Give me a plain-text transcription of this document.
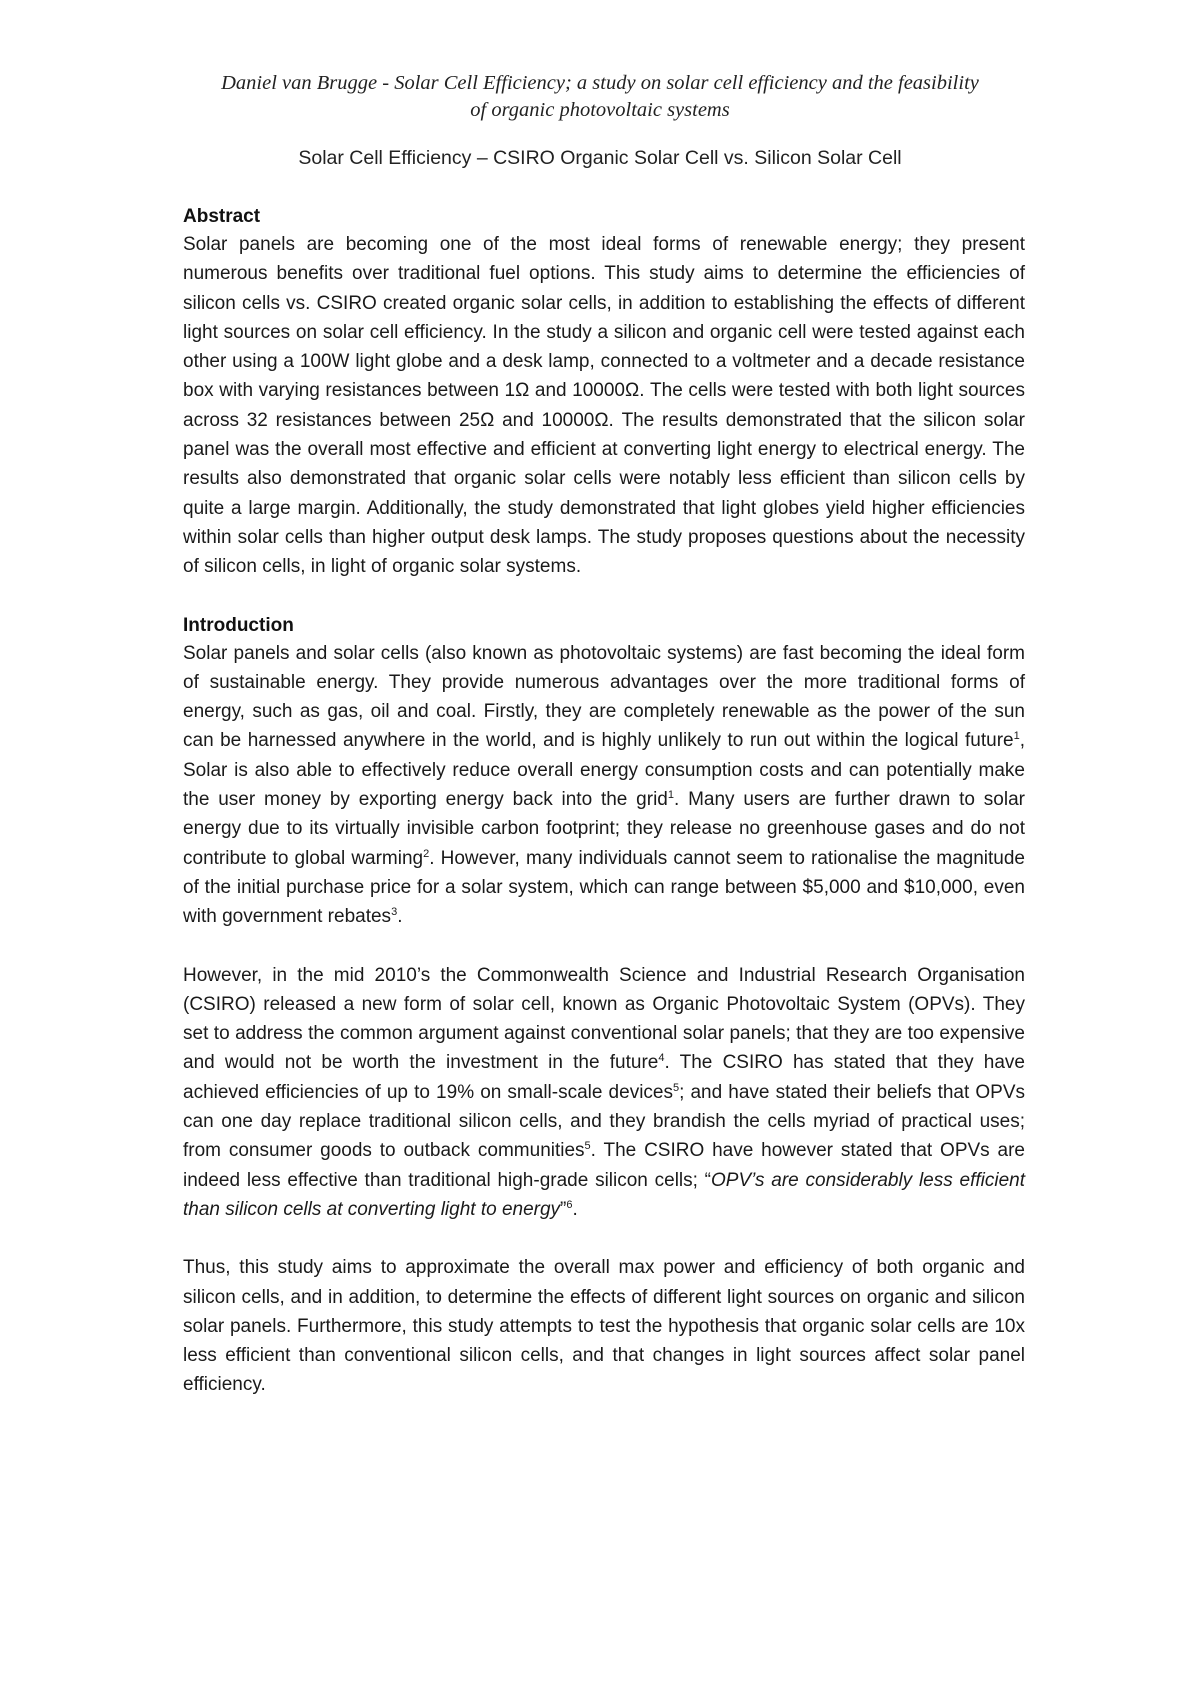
Daniel van Brugge - Solar Cell Efficiency; a study on solar cell efficiency and the feasibility
of organic photovoltaic systems
Solar Cell Efficiency – CSIRO Organic Solar Cell vs. Silicon Solar Cell

Abstract

Solar panels are becoming one of the most ideal forms of renewable energy; they present numerous benefits over traditional fuel options. This study aims to determine the efficiencies of silicon cells vs. CSIRO created organic solar cells, in addition to establishing the effects of different light sources on solar cell efficiency. In the study a silicon and organic cell were tested against each other using a 100W light globe and a desk lamp, connected to a voltmeter and a decade resistance box with varying resistances between 1Ω and 10000Ω. The cells were tested with both light sources across 32 resistances between 25Ω and 10000Ω. The results demonstrated that the silicon solar panel was the overall most effective and efficient at converting light energy to electrical energy. The results also demonstrated that organic solar cells were notably less efficient than silicon cells by quite a large margin. Additionally, the study demonstrated that light globes yield higher efficiencies within solar cells than higher output desk lamps. The study proposes questions about the necessity of silicon cells, in light of organic solar systems.

Introduction

Solar panels and solar cells (also known as photovoltaic systems) are fast becoming the ideal form of sustainable energy. They provide numerous advantages over the more traditional forms of energy, such as gas, oil and coal. Firstly, they are completely renewable as the power of the sun can be harnessed anywhere in the world, and is highly unlikely to run out within the logical future$^1$, Solar is also able to effectively reduce overall energy consumption costs and can potentially make the user money by exporting energy back into the grid$^1$. Many users are further drawn to solar energy due to its virtually invisible carbon footprint; they release no greenhouse gases and do not contribute to global warming$^2$. However, many individuals cannot seem to rationalise the magnitude of the initial purchase price for a solar system, which can range between $5,000 and $10,000, even with government rebates$^3$.

However, in the mid 2010’s the Commonwealth Science and Industrial Research Organisation (CSIRO) released a new form of solar cell, known as Organic Photovoltaic System (OPVs). They set to address the common argument against conventional solar panels; that they are too expensive and would not be worth the investment in the future$^4$. The CSIRO has stated that they have achieved efficiencies of up to 19% on small-scale devices$^5$; and have stated their beliefs that OPVs can one day replace traditional silicon cells, and they brandish the cells myriad of practical uses; from consumer goods to outback communities$^5$. The CSIRO have however stated that OPVs are indeed less effective than traditional high-grade silicon cells; “OPV’s are considerably less efficient than silicon cells at converting light to energy”$^6$.

Thus, this study aims to approximate the overall max power and efficiency of both organic and silicon cells, and in addition, to determine the effects of different light sources on organic and silicon solar panels. Furthermore, this study attempts to test the hypothesis that organic solar cells are 10x less efficient than conventional silicon cells, and that changes in light sources affect solar panel efficiency.
